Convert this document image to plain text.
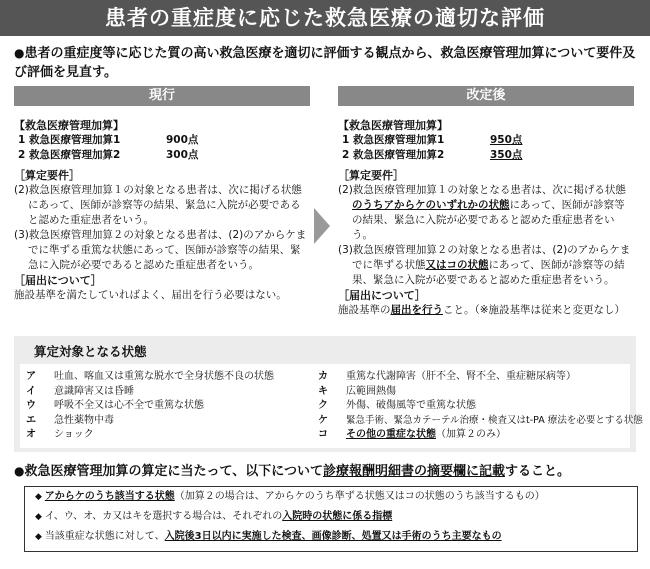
患者の重症度に応じた救急医療の適切な評価
●患者の重症度等に応じた質の高い救急医療を適切に評価する観点から、救急医療管理加算について要件及び評価を見直す。
現行
【救急医療管理加算】
1 救急医療管理加算1	900点
2 救急医療管理加算2	300点
［算定要件］
(2)救急医療管理加算１の対象となる患者は、次に掲げる状態にあって、医師が診察等の結果、緊急に入院が必要であると認めた重症患者をいう。
(3)救急医療管理加算２の対象となる患者は、(2)のアからケまでに準ずる重篤な状態にあって、医師が診察等の結果、緊急に入院が必要であると認めた重症患者をいう。
［届出について］
施設基準を満たしていればよく、届出を行う必要はない。
改定後
【救急医療管理加算】
1 救急医療管理加算1	950点
2 救急医療管理加算2	350点
［算定要件］
(2)救急医療管理加算１の対象となる患者は、次に掲げる状態のうちアからケのいずれかの状態にあって、医師が診察等の結果、緊急に入院が必要であると認めた重症患者をいう。
(3)救急医療管理加算２の対象となる患者は、(2)のアからケまでに準ずる状態又はコの状態にあって、医師が診察等の結果、緊急に入院が必要であると認めた重症患者をいう。
［届出について］
施設基準の届出を行うこと。（※施設基準は従来と変更なし）
算定対象となる状態
ア	吐血、喀血又は重篤な脱水で全身状態不良の状態
イ	意識障害又は昏睡
ウ	呼吸不全又は心不全で重篤な状態
エ	急性薬物中毒
オ	ショック
カ	重篤な代謝障害（肝不全、腎不全、重症糖尿病等）
キ	広範囲熱傷
ク	外傷、破傷風等で重篤な状態
ケ	緊急手術、緊急カテーテル治療・検査又はt-PA 療法を必要とする状態
コ	その他の重症な状態 （加算２のみ）
●救急医療管理加算の算定に当たって、以下について診療報酬明細書の摘要欄に記載すること。
◆ アからケのうち該当する状態（加算２の場合は、アからケのうち準ずる状態又はコの状態のうち該当するもの）
◆ イ、ウ、オ、カ又はキを選択する場合は、それぞれの入院時の状態に係る指標
◆ 当該重症な状態に対して、入院後3日以内に実施した検査、画像診断、処置又は手術のうち主要なもの
